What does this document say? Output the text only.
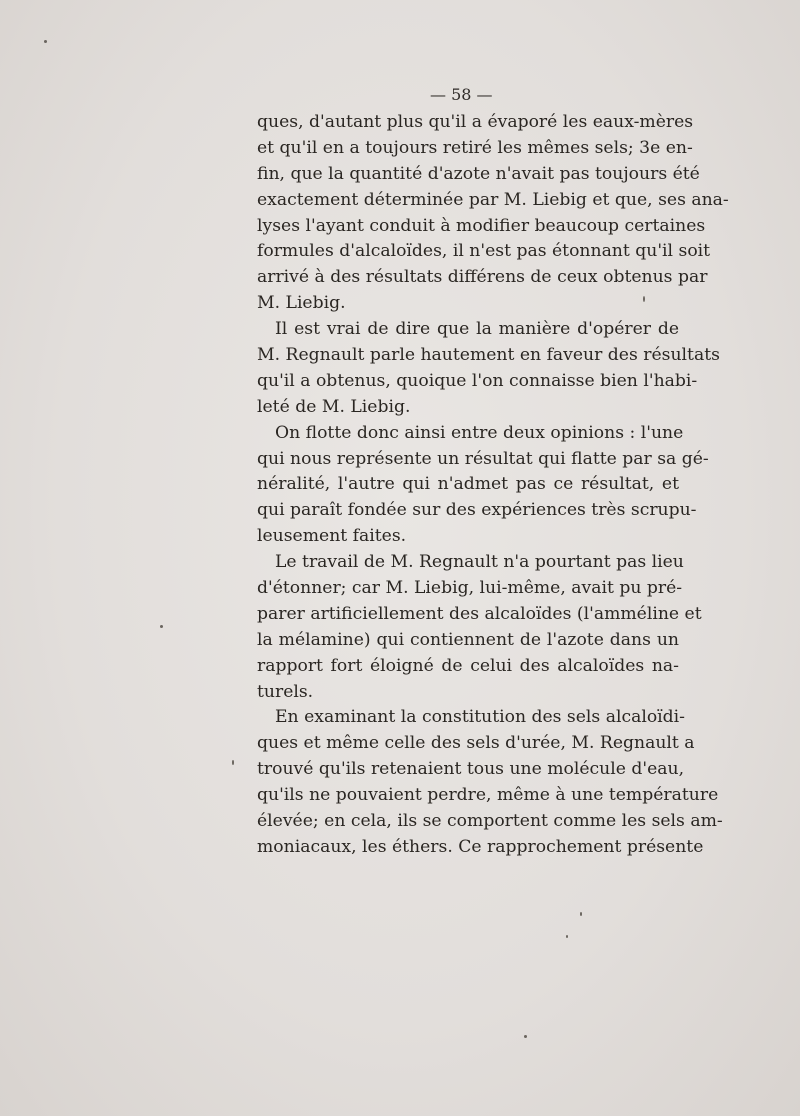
— 58 —
ques, d'autant plus qu'il a évaporé les eaux-mères
et qu'il en a toujours retiré les mêmes sels; 3e en-
fin, que la quantité d'azote n'avait pas toujours été
exactement déterminée par M. Liebig et que, ses ana-
lyses l'ayant conduit à modifier beaucoup certaines
formules d'alcaloïdes, il n'est pas étonnant qu'il soit
arrivé à des résultats différens de ceux obtenus par
M. Liebig.
Il est vrai de dire que la manière d'opérer de
M. Regnault parle hautement en faveur des résultats
qu'il a obtenus, quoique l'on connaisse bien l'habi-
leté de M. Liebig.
On flotte donc ainsi entre deux opinions : l'une
qui nous représente un résultat qui flatte par sa gé-
néralité, l'autre qui n'admet pas ce résultat, et
qui paraît fondée sur des expériences très scrupu-
leusement faites.
Le travail de M. Regnault n'a pourtant pas lieu
d'étonner; car M. Liebig, lui-même, avait pu pré-
parer artificiellement des alcaloïdes (l'amméline et
la mélamine) qui contiennent de l'azote dans un
rapport fort éloigné de celui des alcaloïdes na-
turels.
En examinant la constitution des sels alcaloïdi-
ques et même celle des sels d'urée, M. Regnault a
trouvé qu'ils retenaient tous une molécule d'eau,
qu'ils ne pouvaient perdre, même à une température
élevée; en cela, ils se comportent comme les sels am-
moniacaux, les éthers. Ce rapprochement présente
